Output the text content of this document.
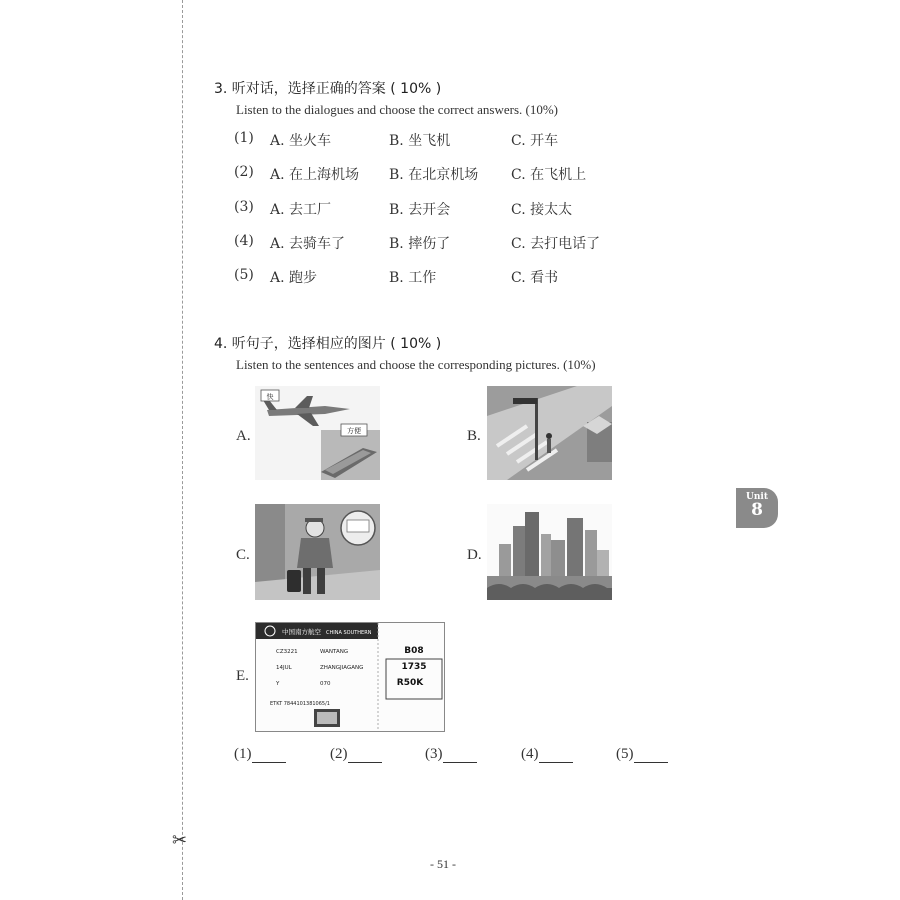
✂
3. 听对话，选择正确的答案 ( 10% )
Listen to the dialogues and choose the correct answers. (10%)
(1) A. 坐火车	B. 坐飞机	C. 开车
(2) A. 在上海机场 B. 在北京机场 C. 在飞机上
(3) A. 去工厂	B. 去开会	C. 接太太
(4) A. 去骑车了	B. 摔伤了	C. 去打电话了
(5) A. 跑步	B. 工作	C. 看书
4. 听句子，选择相应的图片 ( 10% )
Listen to the sentences and choose the corresponding pictures. (10%)
A.
快
方便	B.
C.	D.
E.
中国南方航空 CHINA SOUTHERN
CZ3221	WANTANG
14JUL	ZHANGJIAGANG
Y	070
ETKT 7844101381065/1
B08
1735
R50K
(1)	(2)	(3)	(4)	(5)
Unit
8
- 51 -
